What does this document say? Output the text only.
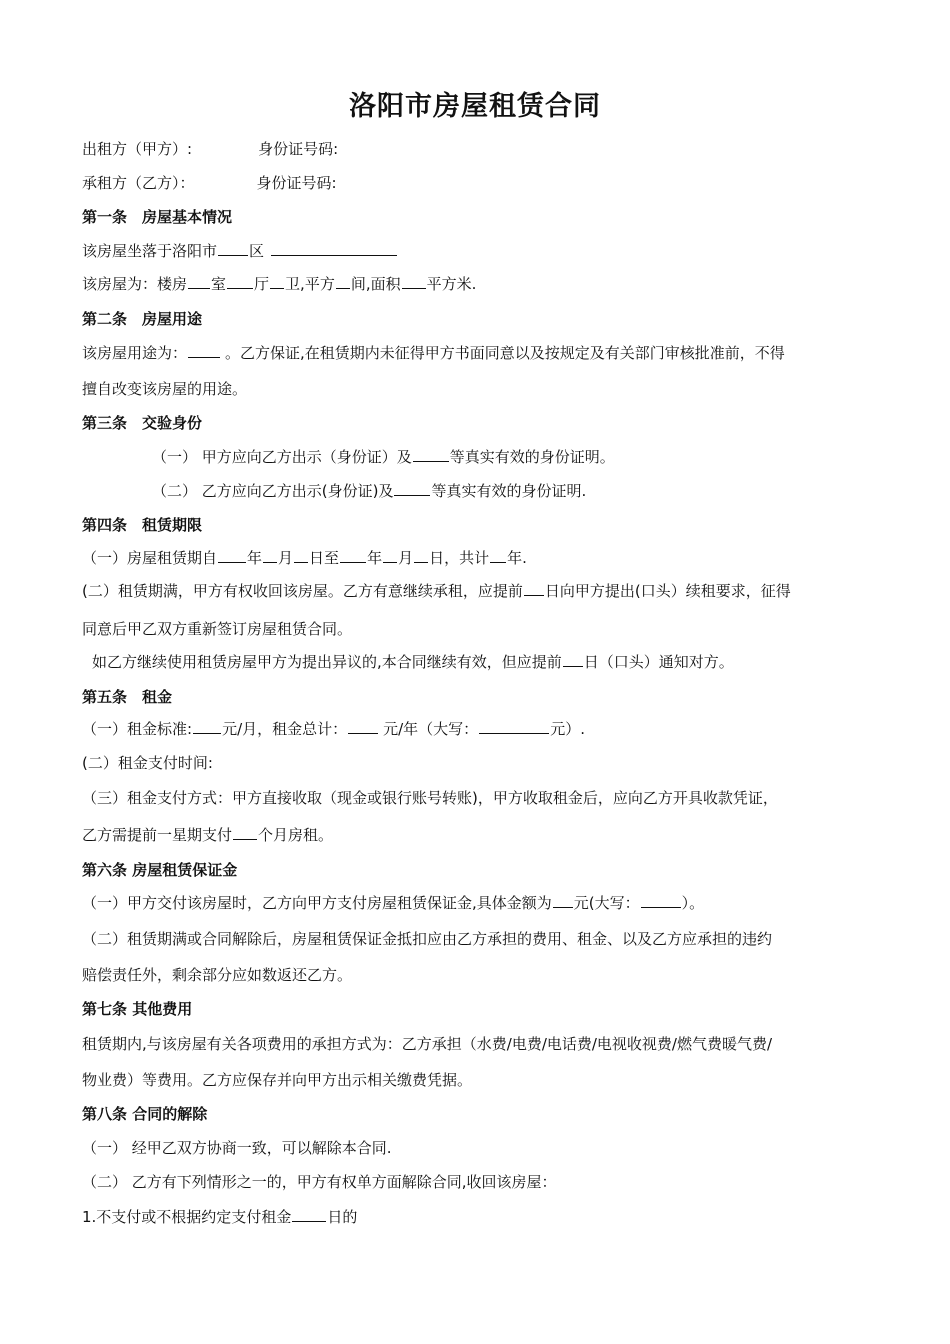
洛阳市房屋租赁合同
出租方（甲方）:	身份证号码:
承租方（乙方）：	身份证号码:
第一条　房屋基本情况
该房屋坐落于洛阳市 区
该房屋为：楼房 室 厅 卫,平方 间,面积 平方米.
第二条　房屋用途
该房屋用途为：	。乙方保证,在租赁期内未征得甲方书面同意以及按规定及有关部门审核批准前，不得
擅自改变该房屋的用途。
第三条　交验身份
（一） 甲方应向乙方出示（身份证）及	等真实有效的身份证明。
（二） 乙方应向乙方出示(身份证)及	等真实有效的身份证明.
第四条　租赁期限
（一）房屋租赁期自 年 月 日至 年 月 日，共计 年.
(二）租赁期满，甲方有权收回该房屋。乙方有意继续承租，应提前 日向甲方提出(口头）续租要求，征得
同意后甲乙双方重新签订房屋租赁合同。
如乙方继续使用租赁房屋甲方为提出异议的,本合同继续有效，但应提前 日（口头）通知对方。
第五条　租金
（一）租金标准: 元/月，租金总计： 元/年（大写：	元）.
(二）租金支付时间:
（三）租金支付方式：甲方直接收取（现金或银行账号转账)，甲方收取租金后，应向乙方开具收款凭证，
乙方需提前一星期支付 个月房租。
第六条 房屋租赁保证金
（一）甲方交付该房屋时，乙方向甲方支付房屋租赁保证金,具体金额为 元(大写：	）。
（二）租赁期满或合同解除后，房屋租赁保证金抵扣应由乙方承担的费用、租金、以及乙方应承担的违约
赔偿责任外，剩余部分应如数返还乙方。
第七条 其他费用
租赁期内,与该房屋有关各项费用的承担方式为：乙方承担（水费/电费/电话费/电视收视费/燃气费暖气费/
物业费）等费用。乙方应保存并向甲方出示相关缴费凭据。
第八条 合同的解除
（一） 经甲乙双方协商一致，可以解除本合同.
（二） 乙方有下列情形之一的，甲方有权单方面解除合同,收回该房屋：
1.不支付或不根据约定支付租金 日的
